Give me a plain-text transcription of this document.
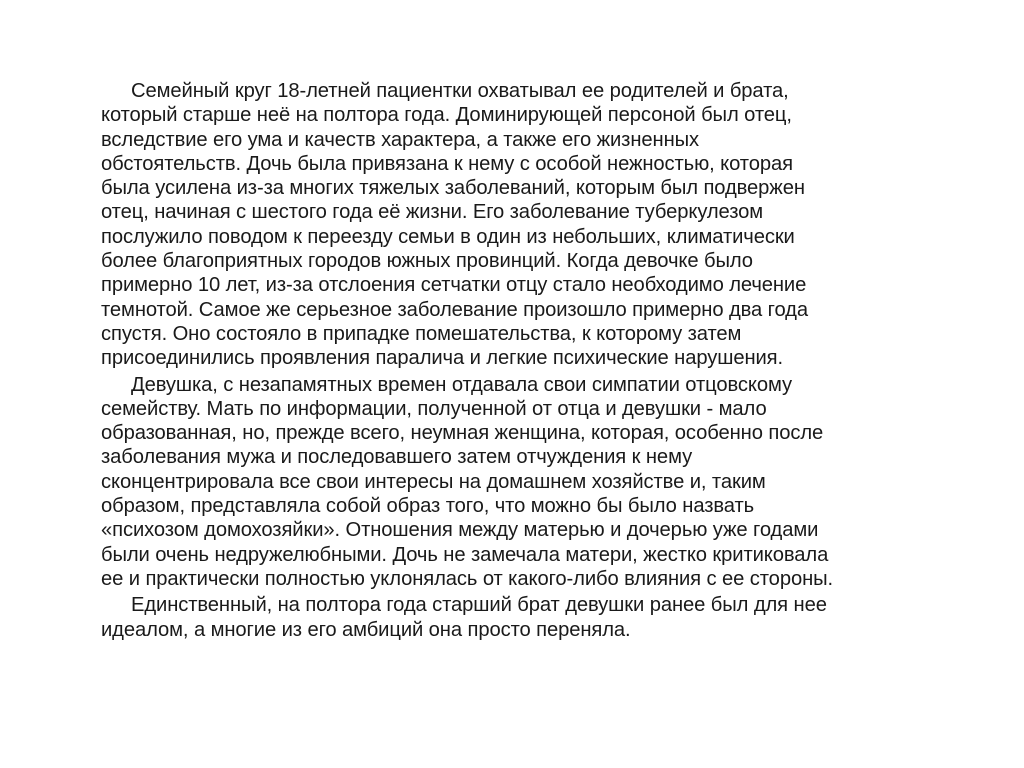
Семейный круг 18-летней пациентки охватывал ее родителей и брата,
который старше неё на полтора года. Доминирующей персоной был отец,
вследствие его ума и качеств характера, а также его жизненных
обстоятельств. Дочь была привязана к нему с особой нежностью, которая
была усилена из-за многих тяжелых заболеваний, которым был подвержен
отец, начиная с шестого года её жизни. Его заболевание туберкулезом
послужило поводом к переезду семьи в один из небольших, климатически
более благоприятных городов южных провинций. Когда девочке было
примерно 10 лет, из-за отслоения сетчатки отцу стало необходимо лечение
темнотой. Самое же серьезное заболевание произошло примерно два года
спустя. Оно состояло в припадке помешательства, к которому затем
присоединились проявления паралича и легкие психические нарушения.

Девушка, с незапамятных времен отдавала свои симпатии отцовскому
семейству. Мать по информации, полученной от отца и девушки - мало
образованная, но, прежде всего, неумная женщина, которая, особенно после
заболевания мужа и последовавшего затем отчуждения к нему
сконцентрировала все свои интересы на домашнем хозяйстве и, таким
образом, представляла собой образ того, что можно бы было назвать
«психозом домохозяйки». Отношения между матерью и дочерью уже годами
были очень недружелюбными. Дочь не замечала матери, жестко критиковала
ее и практически полностью уклонялась от какого-либо влияния с ее стороны.

Единственный, на полтора года старший брат девушки ранее был для нее
идеалом, а многие из его амбиций она просто переняла.
